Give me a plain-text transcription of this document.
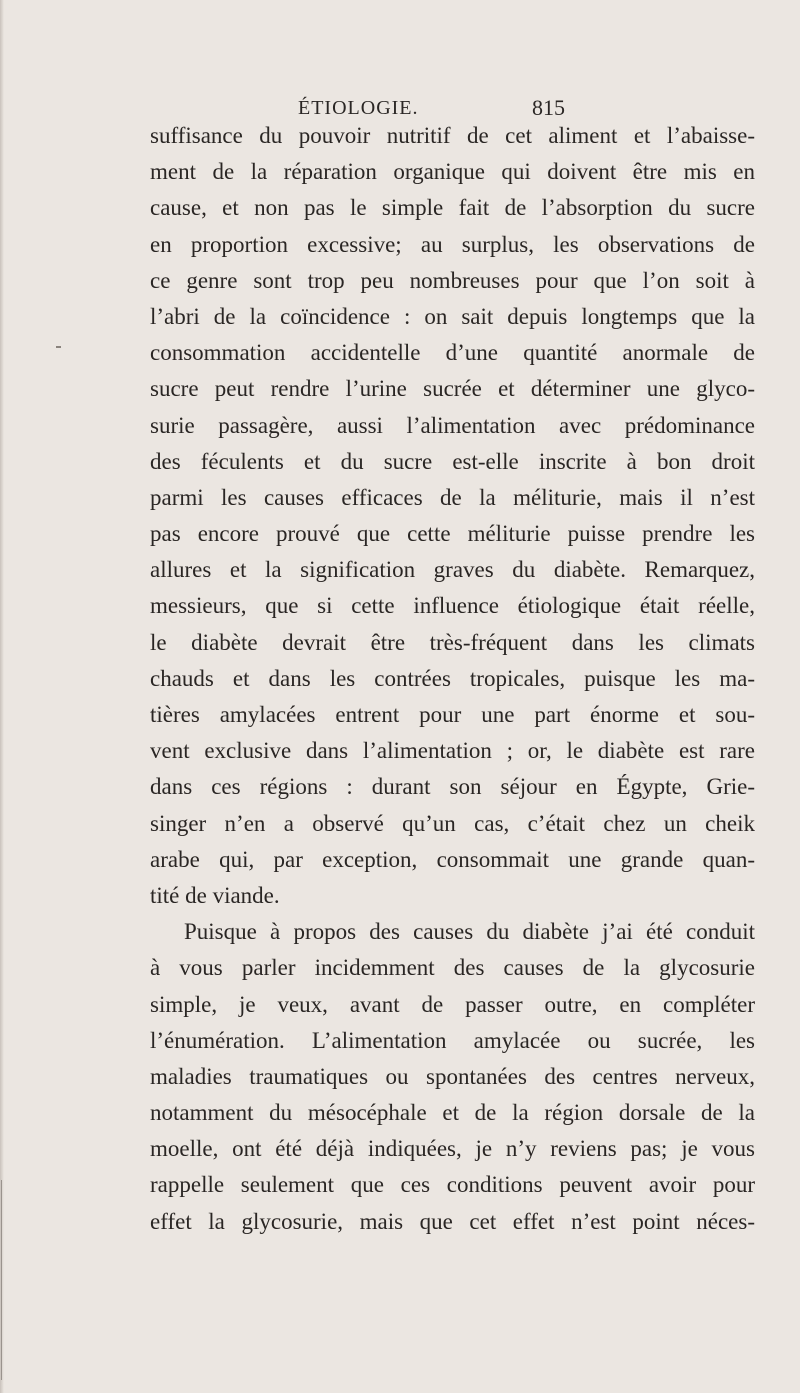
ÉTIOLOGIE.	815
suffisance du pouvoir nutritif de cet aliment et l’abaisse-
ment de la réparation organique qui doivent être mis en
cause, et non pas le simple fait de l’absorption du sucre
en proportion excessive; au surplus, les observations de
ce genre sont trop peu nombreuses pour que l’on soit à
l’abri de la coïncidence : on sait depuis longtemps que la
consommation accidentelle d’une quantité anormale de
sucre peut rendre l’urine sucrée et déterminer une glyco-
surie passagère, aussi l’alimentation avec prédominance
des féculents et du sucre est-elle inscrite à bon droit
parmi les causes efficaces de la méliturie, mais il n’est
pas encore prouvé que cette méliturie puisse prendre les
allures et la signification graves du diabète. Remarquez,
messieurs, que si cette influence étiologique était réelle,
le diabète devrait être très-fréquent dans les climats
chauds et dans les contrées tropicales, puisque les ma-
tières amylacées entrent pour une part énorme et sou-
vent exclusive dans l’alimentation ; or, le diabète est rare
dans ces régions : durant son séjour en Égypte, Grie-
singer n’en a observé qu’un cas, c’était chez un cheik
arabe qui, par exception, consommait une grande quan-
tité de viande.
Puisque à propos des causes du diabète j’ai été conduit
à vous parler incidemment des causes de la glycosurie
simple, je veux, avant de passer outre, en compléter
l’énumération. L’alimentation amylacée ou sucrée, les
maladies traumatiques ou spontanées des centres nerveux,
notamment du mésocéphale et de la région dorsale de la
moelle, ont été déjà indiquées, je n’y reviens pas; je vous
rappelle seulement que ces conditions peuvent avoir pour
effet la glycosurie, mais que cet effet n’est point néces-
